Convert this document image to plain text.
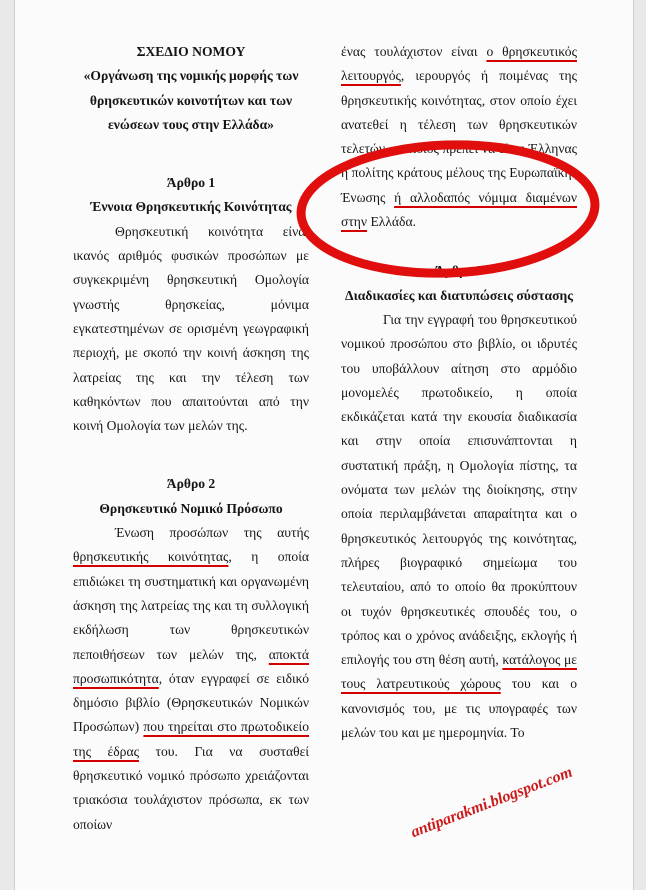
ΣΧΕΔΙΟ ΝΟΜΟΥ

«Οργάνωση της νομικής μορφής των θρησκευτικών κοινοτήτων και των ενώσεων τους στην Ελλάδα»

Άρθρο 1

Έννοια Θρησκευτικής Κοινότητας

Θρησκευτική κοινότητα είναι ικανός αριθμός φυσικών προσώπων με συγκεκριμένη θρησκευτική Ομολογία γνωστής θρησκείας, μόνιμα εγκατεστημένων σε ορισμένη γεωγραφική περιοχή, με σκοπό την κοινή άσκηση της λατρείας της και την τέλεση των καθηκόντων που απαιτούνται από την κοινή Ομολογία των μελών της.

Άρθρο 2

Θρησκευτικό Νομικό Πρόσωπο

Ένωση προσώπων της αυτής θρησκευτικής κοινότητας, η οποία επιδιώκει τη συστηματική και οργανωμένη άσκηση της λατρείας της και τη συλλογική εκδήλωση των θρησκευτικών πεποιθήσεων των μελών της, αποκτά προσωπικότητα, όταν εγγραφεί σε ειδικό δημόσιο βιβλίο (Θρησκευτικών Νομικών Προσώπων) που τηρείται στο πρωτοδικείο της έδρας του. Για να συσταθεί θρησκευτικό νομικό πρόσωπο χρειάζονται τριακόσια τουλάχιστον πρόσωπα, εκ των οποίων

ένας τουλάχιστον είναι ο θρησκευτικός λειτουργός, ιερουργός ή ποιμένας της θρησκευτικής κοινότητας, στον οποίο έχει ανατεθεί η τέλεση των θρησκευτικών τελετών, ο οποίος πρέπει να είναι Έλληνας ή πολίτης κράτους μέλους της Ευρωπαϊκής Ένωσης ή αλλοδαπός νόμιμα διαμένων στην Ελλάδα.

Άρθρο 3

Διαδικασίες και διατυπώσεις σύστασης

Για την εγγραφή του θρησκευτικού νομικού προσώπου στο βιβλίο, οι ιδρυτές του υποβάλλουν αίτηση στο αρμόδιο μονομελές πρωτοδικείο, η οποία εκδικάζεται κατά την εκουσία διαδικασία και στην οποία επισυνάπτονται η συστατική πράξη, η Ομολογία πίστης, τα ονόματα των μελών της διοίκησης, στην οποία περιλαμβάνεται απαραίτητα και ο θρησκευτικός λειτουργός της κοινότητας, πλήρες βιογραφικό σημείωμα του τελευταίου, από το οποίο θα προκύπτουν οι τυχόν θρησκευτικές σπουδές του, ο τρόπος και ο χρόνος ανάδειξης, εκλογής ή επιλογής του στη θέση αυτή, κατάλογος με τους λατρευτικούς χώρους του και ο κανονισμός του, με τις υπογραφές των μελών του και με ημερομηνία. Το

antiparakmi.blogspot.com
